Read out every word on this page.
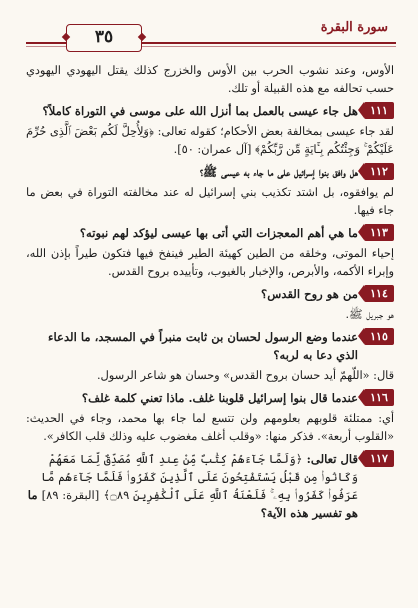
سورة البقرة
٣٥

الأوس، وعند نشوب الحرب بين الأوس والخزرج كذلك يقتل اليهودي اليهودي حسب تحالفه مع هذه القبيلة أو تلك.

١١١
هل جاء عيسى بالعمل بما أنزل الله على موسى في التوراة كاملاً؟

لقد جاء عيسى بمخالفة بعض الأحكام؛ كقوله تعالى: ﴿وَلِأُحِلَّ لَكُم بَعْضَ ٱلَّذِى حُرِّمَ عَلَيْكُمْ ۚ وَجِئْتُكُم بِـَٔايَةٍ مِّن رَّبِّكُمْ﴾ [آل عمران: ٥٠].

١١٢
هل وافق بنوا إسرائيل على ما جاء به عيسى ﷺ؟

لم يوافقوه، بل اشتد تكذيب بني إسرائيل له عند مخالفته التوراة في بعض ما جاء فيها.

١١٣
ما هي أهم المعجزات التي أتى بها عيسى ليؤكد لهم نبوته؟

إحياء الموتى، وخلقه من الطين كهيئة الطير فينفخ فيها فتكون طيراً بإذن الله، وإبراء الأكمه، والأبرص، والإخبار بالغيوب، وتأييده بروح القدس.

١١٤
من هو روح القدس؟

هو جبريل ﷺ.

١١٥
عندما وضع الرسول لحسان بن ثابت منبراً في المسجد، ما الدعاء الذي دعا به لربه؟

قال: «اللّهمّ أيد حسان بروح القدس» وحسان هو شاعر الرسول.

١١٦
عندما قال بنوا إسرائيل قلوبنا غلف. ماذا تعني كلمة غلف؟

أي: ممتلئة قلوبهم بعلومهم ولن تتسع لما جاء بها محمد، وجاء في الحديث: «القلوب أربعة». فذكر منها: «وقلب أغلف مغضوب عليه وذلك قلب الكافر».

١١٧
قال تعالى: ﴿وَلَمَّا جَآءَهُمْ كِتَٰبٌ مِّنْ عِندِ ٱللَّهِ مُصَدِّقٌ لِّمَا مَعَهُمْ وَكَانُوا۟ مِن قَبْلُ يَسْتَفْتِحُونَ عَلَى ٱلَّذِينَ كَفَرُوا۟ فَلَمَّا جَآءَهُم مَّا عَرَفُوا۟ كَفَرُوا۟ بِهِۦ ۚ فَلَعْنَةُ ٱللَّهِ عَلَى ٱلْكَٰفِرِينَ ۝٨٩﴾ [البقرة: ٨٩] ما هو تفسير هذه الآية؟
